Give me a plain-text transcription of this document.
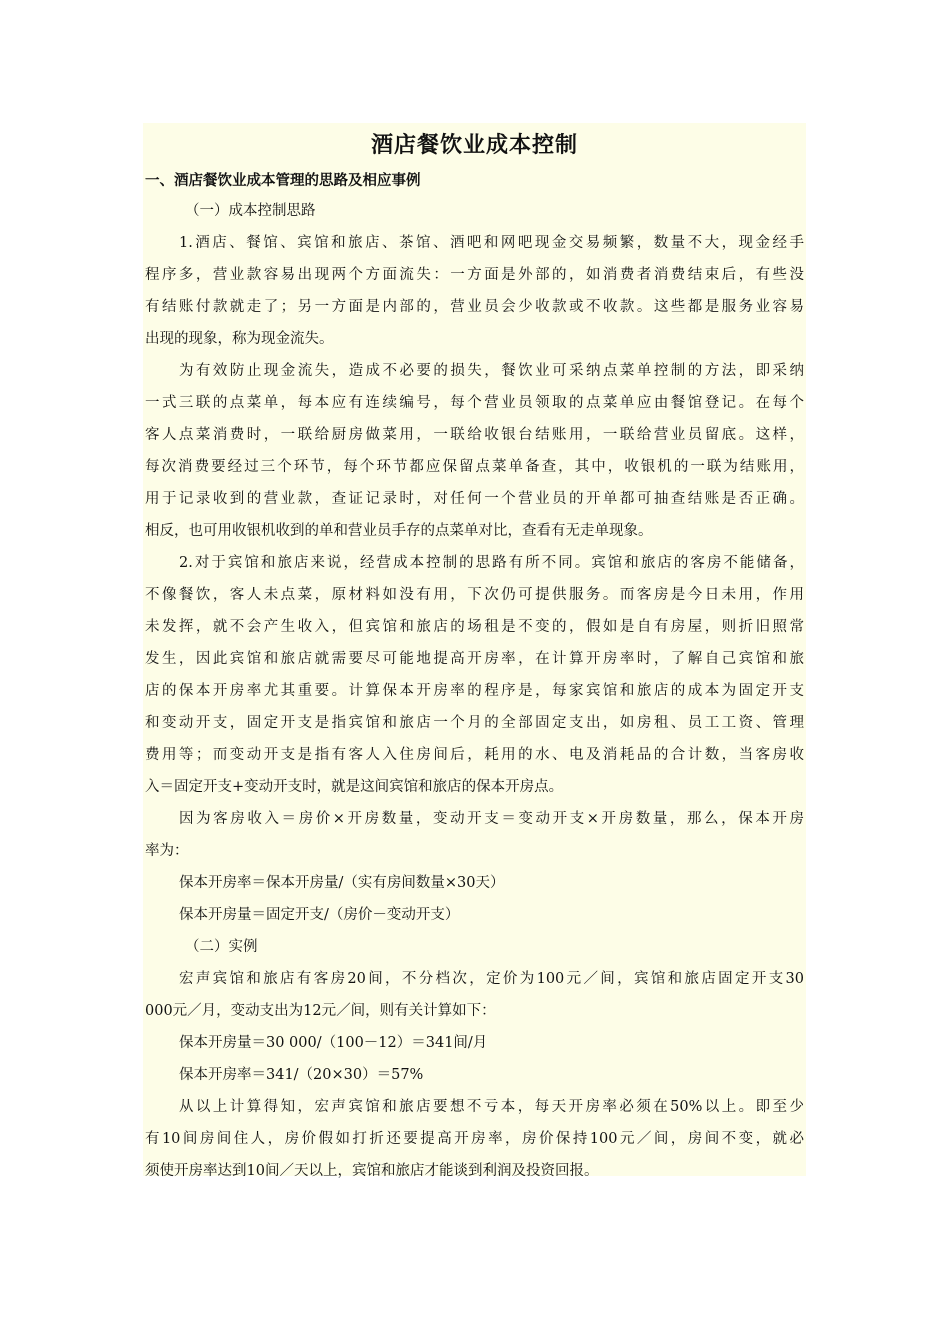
酒店餐饮业成本控制
一、酒店餐饮业成本管理的思路及相应事例

（一）成本控制思路

1.酒店、餐馆、宾馆和旅店、茶馆、酒吧和网吧现金交易频繁，数量不大，现金经手

程序多，营业款容易出现两个方面流失：一方面是外部的，如消费者消费结束后，有些没

有结账付款就走了；另一方面是内部的，营业员会少收款或不收款。这些都是服务业容易

出现的现象，称为现金流失。

为有效防止现金流失，造成不必要的损失，餐饮业可采纳点菜单控制的方法，即采纳

一式三联的点菜单，每本应有连续编号，每个营业员领取的点菜单应由餐馆登记。在每个

客人点菜消费时，一联给厨房做菜用，一联给收银台结账用，一联给营业员留底。这样，

每次消费要经过三个环节，每个环节都应保留点菜单备查，其中，收银机的一联为结账用，

用于记录收到的营业款，查证记录时，对任何一个营业员的开单都可抽查结账是否正确。

相反，也可用收银机收到的单和营业员手存的点菜单对比，查看有无走单现象。

2.对于宾馆和旅店来说，经营成本控制的思路有所不同。宾馆和旅店的客房不能储备，

不像餐饮，客人未点菜，原材料如没有用，下次仍可提供服务。而客房是今日未用，作用

未发挥，就不会产生收入，但宾馆和旅店的场租是不变的，假如是自有房屋，则折旧照常

发生，因此宾馆和旅店就需要尽可能地提高开房率，在计算开房率时，了解自己宾馆和旅

店的保本开房率尤其重要。计算保本开房率的程序是，每家宾馆和旅店的成本为固定开支

和变动开支，固定开支是指宾馆和旅店一个月的全部固定支出，如房租、员工工资、管理

费用等；而变动开支是指有客人入住房间后，耗用的水、电及消耗品的合计数，当客房收

入＝固定开支+变动开支时，就是这间宾馆和旅店的保本开房点。

因为客房收入＝房价×开房数量，变动开支＝变动开支×开房数量，那么，保本开房

率为：

保本开房率＝保本开房量/（实有房间数量×30天）

保本开房量＝固定开支/（房价－变动开支）

（二）实例

宏声宾馆和旅店有客房20间，不分档次，定价为100元／间，宾馆和旅店固定开支30

000元／月，变动支出为12元／间，则有关计算如下：

保本开房量＝30 000/（100－12）＝341间/月

保本开房率＝341/（20×30）＝57%

从以上计算得知，宏声宾馆和旅店要想不亏本，每天开房率必须在50%以上。即至少

有10间房间住人，房价假如打折还要提高开房率，房价保持100元／间，房间不变，就必

须使开房率达到10间／天以上，宾馆和旅店才能谈到利润及投资回报。
